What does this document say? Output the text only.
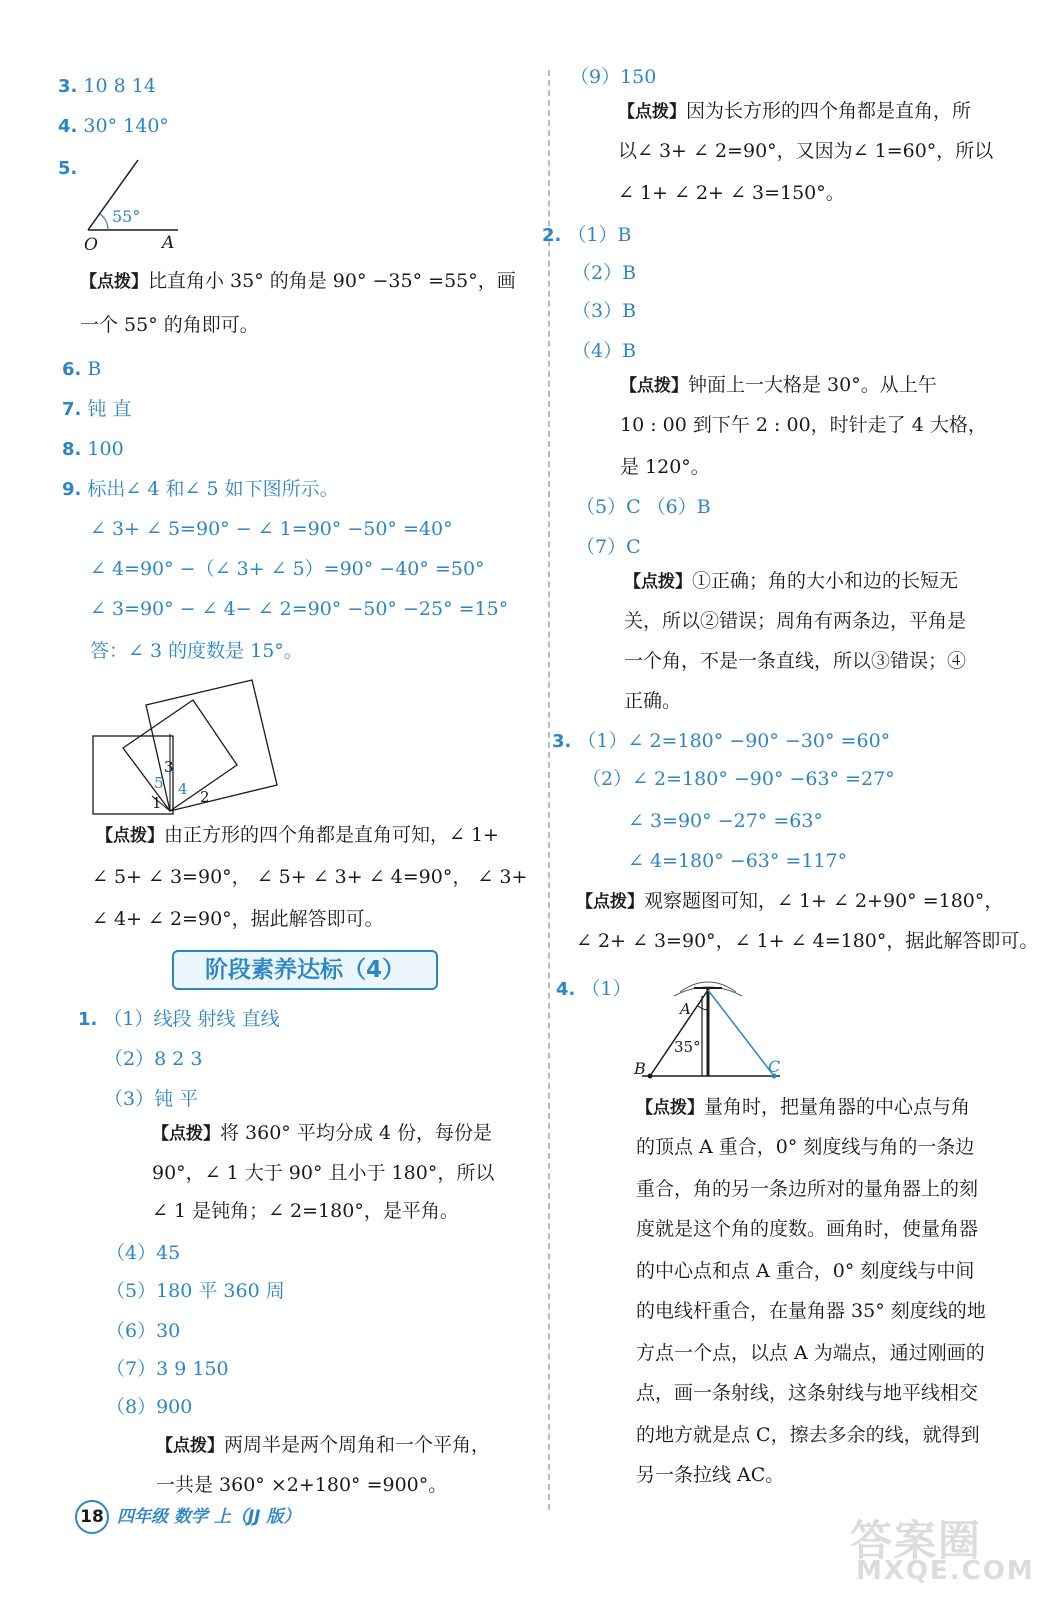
3. 10 8 14
4. 30° 140°
5.
55°
O	A
【点拨】比直角小 35° 的角是 90° −35° =55°，画
一个 55° 的角即可。
6. B
7. 钝 直
8. 100
9. 标出∠ 4 和∠ 5 如下图所示。
∠ 3+ ∠ 5=90° − ∠ 1=90° −50° =40°
∠ 4=90° −（∠ 3+ ∠ 5）=90° −40° =50°
∠ 3=90° − ∠ 4− ∠ 2=90° −50° −25° =15°
答：∠ 3 的度数是 15°。
1	2
3
4
5
【点拨】由正方形的四个角都是直角可知，∠ 1+
∠ 5+ ∠ 3=90°， ∠ 5+ ∠ 3+ ∠ 4=90°， ∠ 3+
∠ 4+ ∠ 2=90°，据此解答即可。
阶段素养达标（4）
1. （1）线段 射线 直线
（2）8 2 3
（3）钝 平
【点拨】将 360° 平均分成 4 份，每份是
90°，∠ 1 大于 90° 且小于 180°，所以
∠ 1 是钝角；∠ 2=180°，是平角。
（4）45
（5）180 平 360 周
（6）30
（7）3 9 150
（8）900
【点拨】两周半是两个周角和一个平角，
一共是 360° ×2+180° =900°。
（9）150
【点拨】因为长方形的四个角都是直角，所
以∠ 3+ ∠ 2=90°，又因为∠ 1=60°，所以
∠ 1+ ∠ 2+ ∠ 3=150°。
2. （1）B
（2）B
（3）B
（4）B
【点拨】钟面上一大格是 30°。从上午
10 : 00 到下午 2 : 00，时针走了 4 大格，
是 120°。
（5）C （6）B
（7）C
【点拨】①正确；角的大小和边的长短无
关，所以②错误；周角有两条边，平角是
一个角，不是一条直线，所以③错误；④
正确。
3. （1）∠ 2=180° −90° −30° =60°
（2）∠ 2=180° −90° −63° =27°
∠ 3=90° −27° =63°
∠ 4=180° −63° =117°
【点拨】观察题图可知，∠ 1+ ∠ 2+90° =180°，
∠ 2+ ∠ 3=90°，∠ 1+ ∠ 4=180°，据此解答即可。
4. （1）
A
35°
B	C
【点拨】量角时，把量角器的中心点与角
的顶点 A 重合，0° 刻度线与角的一条边
重合，角的另一条边所对的量角器上的刻
度就是这个角的度数。画角时，使量角器
的中心点和点 A 重合，0° 刻度线与中间
的电线杆重合，在量角器 35° 刻度线的地
方点一个点，以点 A 为端点，通过刚画的
点，画一条射线，这条射线与地平线相交
的地方就是点 C，擦去多余的线，就得到
另一条拉线 AC。
18 四年级 数学 上（JJ 版）	答案圈
MXQE.COM
